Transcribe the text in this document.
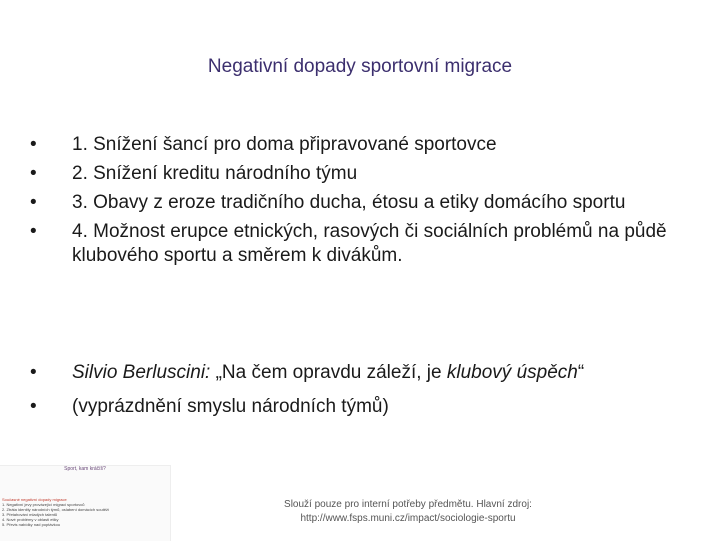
Negativní dopady sportovní migrace
•	1. Snížení šancí pro doma připravované sportovce
•	2. Snížení kreditu národního týmu
•	3. Obavy z eroze tradičního ducha, étosu a etiky domácího sportu
•	4. Možnost erupce etnických, rasových či sociálních problémů na půdě klubového sportu a směrem k divákům.
•	Silvio Berluscini: „Na čem opravdu záleží, je klubový úspěch“
•	(vyprázdnění smyslu národních týmů)

Sport, kam kráčíš?

Současné negativní dopady migrace
1. Negativní jevy provázející migraci sportovců
2. Ztráta identity národních týmů, oslabení domácích soutěží
3. Přetahování mladých talentů
4. Nové problémy v oblasti etiky
5. Převis nabídky nad poptávkou
Slouží pouze pro interní potřeby předmětu. Hlavní zdroj:
http://www.fsps.muni.cz/impact/sociologie-sportu
